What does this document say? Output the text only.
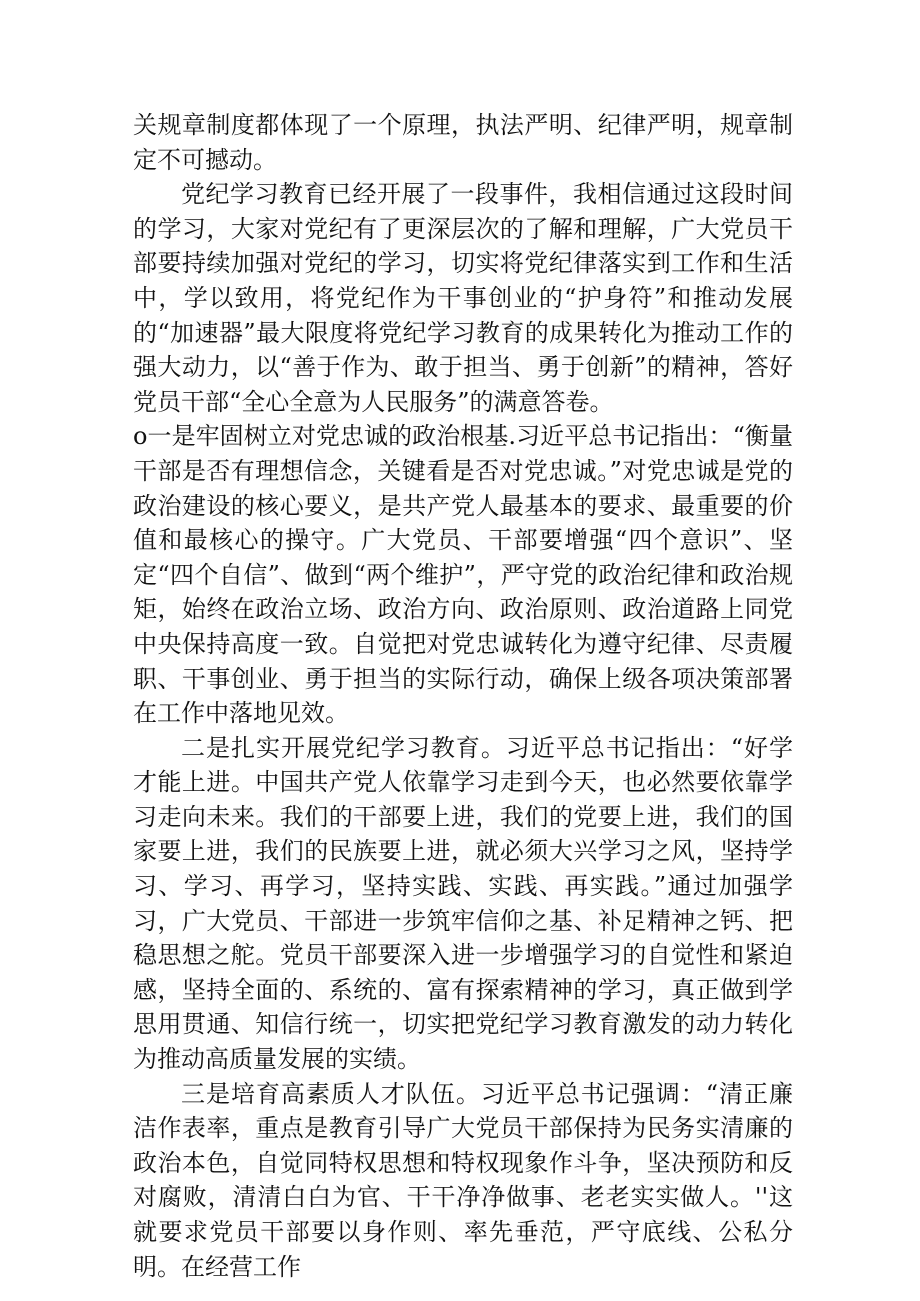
关规章制度都体现了一个原理，执法严明、纪律严明，规章制定不可撼动。

党纪学习教育已经开展了一段事件，我相信通过这段时间的学习，大家对党纪有了更深层次的了解和理解，广大党员干部要持续加强对党纪的学习，切实将党纪律落实到工作和生活中，学以致用，将党纪作为干事创业的“护身符”和推动发展的“加速器”最大限度将党纪学习教育的成果转化为推动工作的强大动力，以“善于作为、敢于担当、勇于创新”的精神，答好党员干部“全心全意为人民服务”的满意答卷。

o一是牢固树立对党忠诚的政治根基.习近平总书记指出：“衡量干部是否有理想信念，关键看是否对党忠诚。”对党忠诚是党的政治建设的核心要义，是共产党人最基本的要求、最重要的价值和最核心的操守。广大党员、干部要增强“四个意识”、坚定“四个自信”、做到“两个维护”，严守党的政治纪律和政治规矩，始终在政治立场、政治方向、政治原则、政治道路上同党中央保持高度一致。自觉把对党忠诚转化为遵守纪律、尽责履职、干事创业、勇于担当的实际行动，确保上级各项决策部署在工作中落地见效。

二是扎实开展党纪学习教育。习近平总书记指出：“好学才能上进。中国共产党人依靠学习走到今天，也必然要依靠学习走向未来。我们的干部要上进，我们的党要上进，我们的国家要上进，我们的民族要上进，就必须大兴学习之风，坚持学习、学习、再学习，坚持实践、实践、再实践。”通过加强学习，广大党员、干部进一步筑牢信仰之基、补足精神之钙、把稳思想之舵。党员干部要深入进一步增强学习的自觉性和紧迫感，坚持全面的、系统的、富有探索精神的学习，真正做到学思用贯通、知信行统一，切实把党纪学习教育激发的动力转化为推动高质量发展的实绩。

三是培育高素质人才队伍。习近平总书记强调：“清正廉洁作表率，重点是教育引导广大党员干部保持为民务实清廉的政治本色，自觉同特权思想和特权现象作斗争，坚决预防和反对腐败，清清白白为官、干干净净做事、老老实实做人。''这就要求党员干部要以身作则、率先垂范，严守底线、公私分明。在经营工作
